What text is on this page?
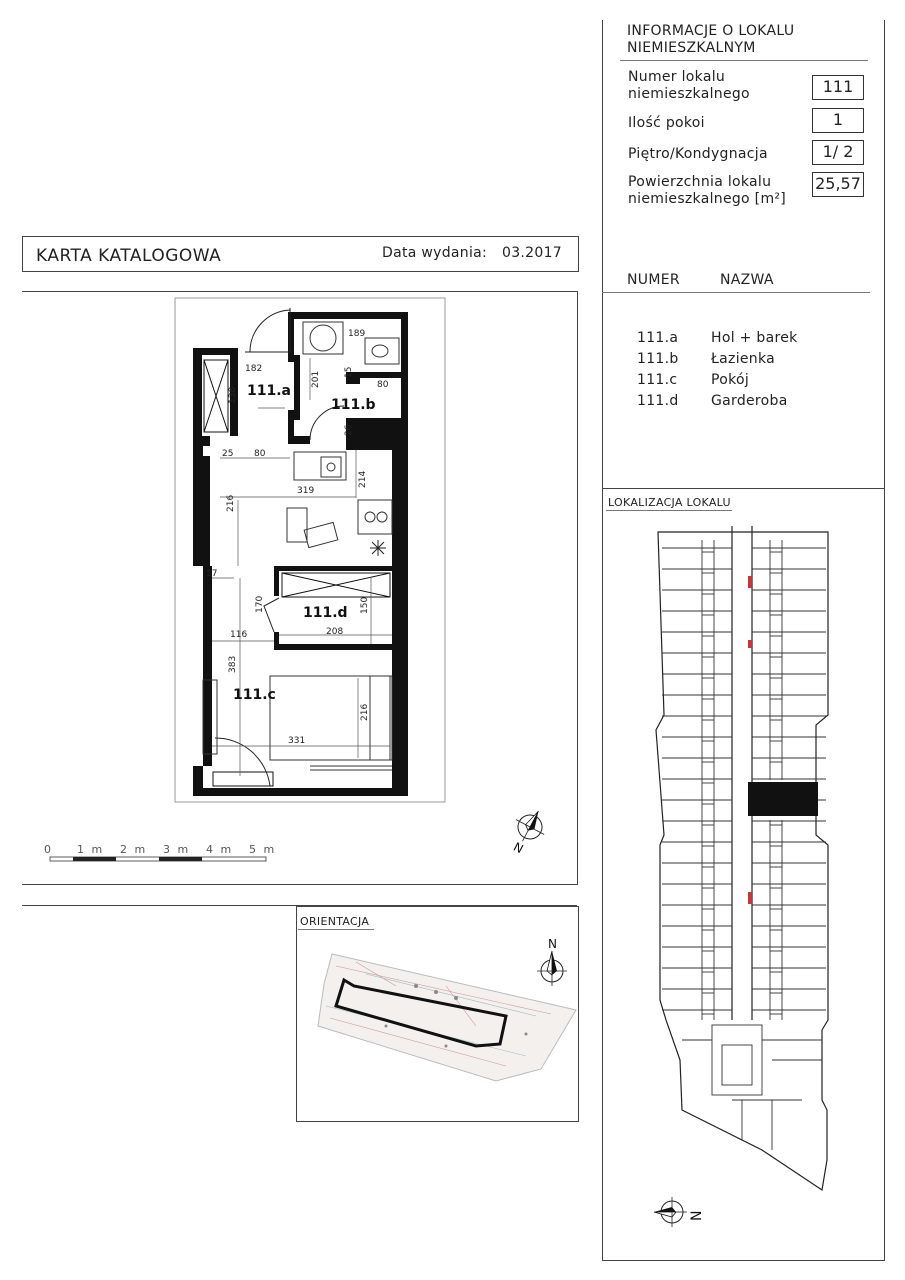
INFORMACJE O LOKALU
NIEMIESZKALNYM
Numer lokalu
niemieszkalnego	111
Ilość pokoi	1
Piętro/Kondygnacja	1/ 2
Powierzchnia lokalu
niemieszkalnego [m²]
25,57
NUMER	NAZWA
111.a Hol + barek
111.b Łazienka
111.c Pokój
111.d Garderoba
LOKALIZACJA LOKALU
KARTA KATALOGOWA	Data wydania: 03.2017
111.a
111.b
111.d
111.c
182
201
189
15
80
138
26
25 80
319
214
216
17
170	150
116	208
383
216
331
0 1 m 2 m 3 m 4 m 5 m	N
ORIENTACJA
N
N
